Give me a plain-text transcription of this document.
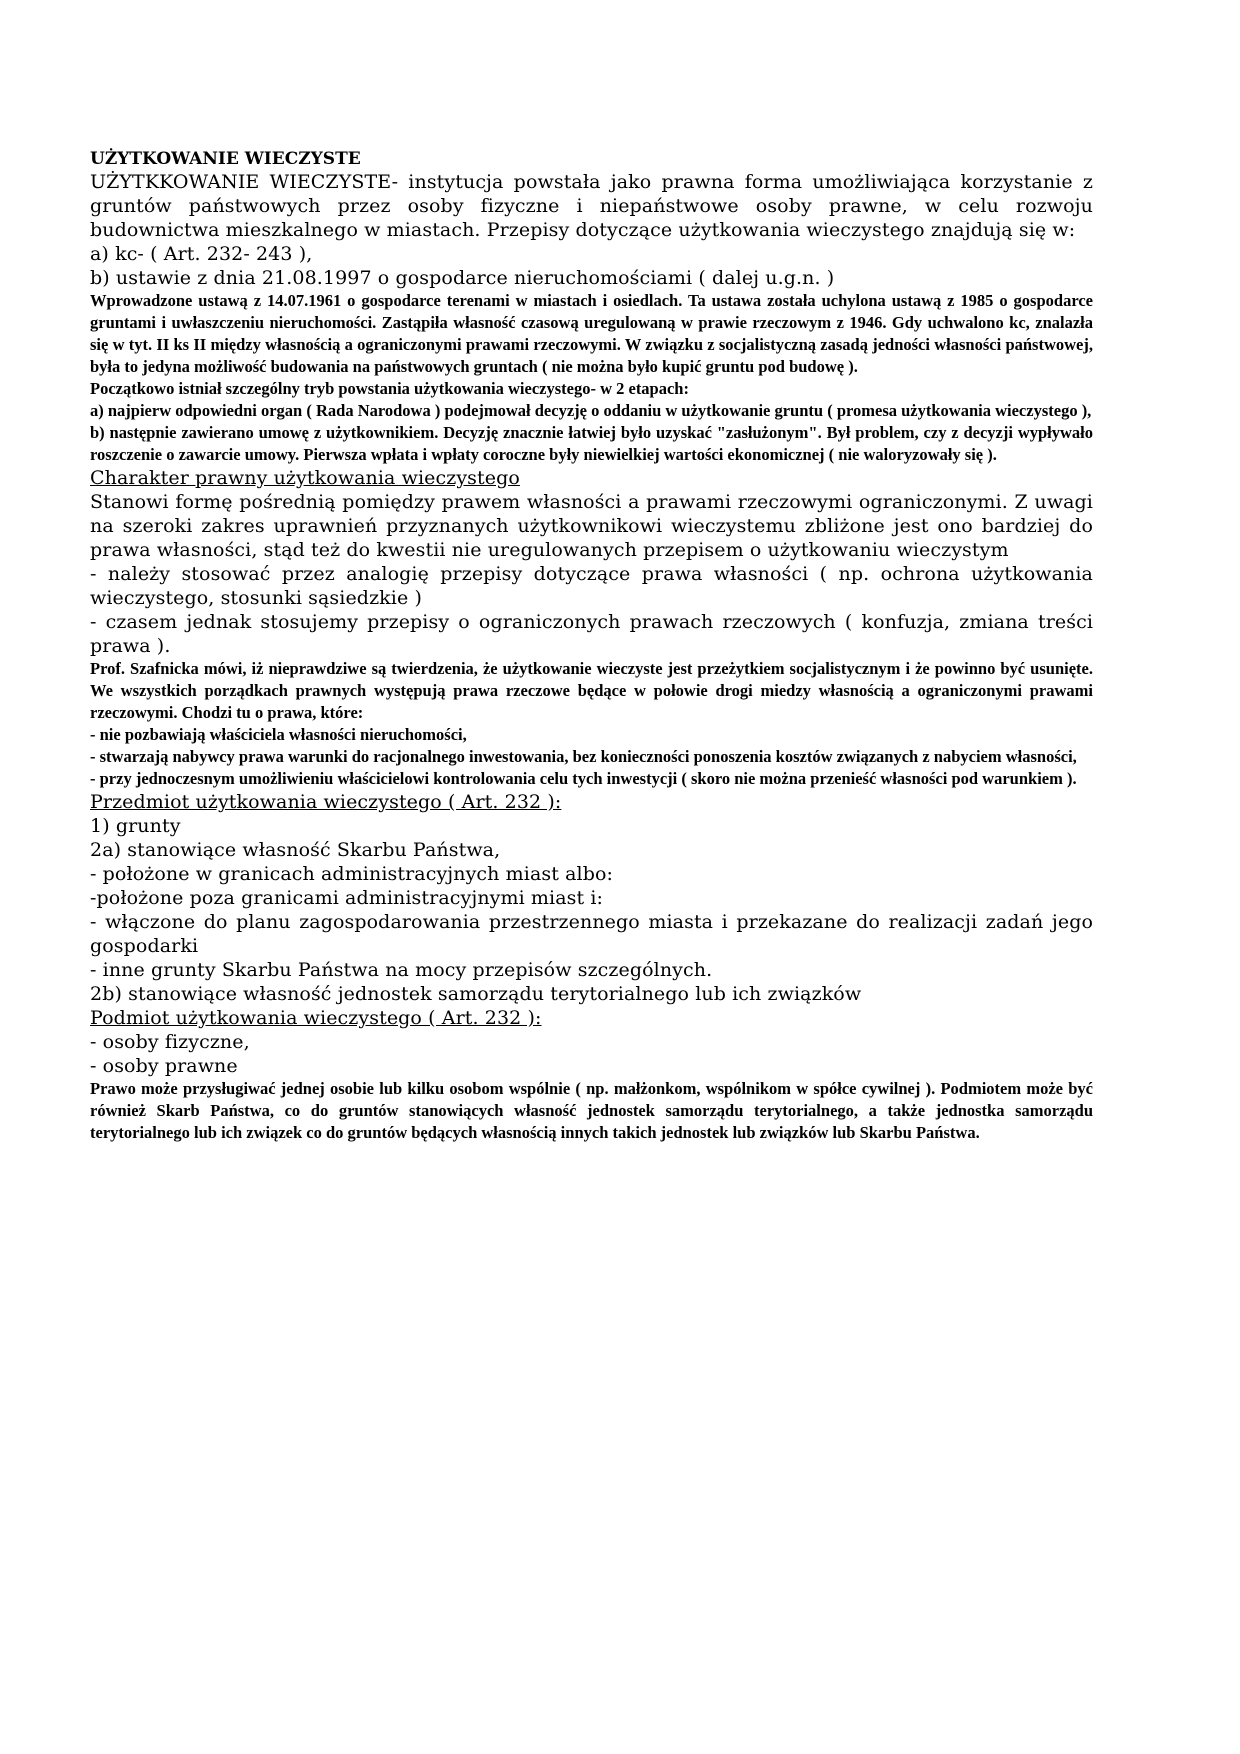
UŻYTKOWANIE WIECZYSTE

UŻYTKKOWANIE WIECZYSTE- instytucja powstała jako prawna forma umożliwiająca korzystanie z gruntów państwowych przez osoby fizyczne i niepaństwowe osoby prawne, w celu rozwoju budownictwa mieszkalnego w miastach. Przepisy dotyczące użytkowania wieczystego znajdują się w:

a) kc- ( Art. 232- 243 ),

b) ustawie z dnia 21.08.1997 o gospodarce nieruchomościami ( dalej u.g.n. )

Wprowadzone ustawą z 14.07.1961 o gospodarce terenami w miastach i osiedlach. Ta ustawa została uchylona ustawą z 1985 o gospodarce gruntami i uwłaszczeniu nieruchomości. Zastąpiła własność czasową uregulowaną w prawie rzeczowym z 1946. Gdy uchwalono kc, znalazła się w tyt. II ks II między własnością a ograniczonymi prawami rzeczowymi. W związku z socjalistyczną zasadą jedności własności państwowej, była to jedyna możliwość budowania na państwowych gruntach ( nie można było kupić gruntu pod budowę ).

Początkowo istniał szczególny tryb powstania użytkowania wieczystego- w 2 etapach:

a) najpierw odpowiedni organ ( Rada Narodowa ) podejmował decyzję o oddaniu w użytkowanie gruntu ( promesa użytkowania wieczystego ),

b) następnie zawierano umowę z użytkownikiem. Decyzję znacznie łatwiej było uzyskać "zasłużonym". Był problem, czy z decyzji wypływało roszczenie o zawarcie umowy. Pierwsza wpłata i wpłaty coroczne były niewielkiej wartości ekonomicznej ( nie waloryzowały się ).

Charakter prawny użytkowania wieczystego

Stanowi formę pośrednią pomiędzy prawem własności a prawami rzeczowymi ograniczonymi. Z uwagi na szeroki zakres uprawnień przyznanych użytkownikowi wieczystemu zbliżone jest ono bardziej do prawa własności, stąd też do kwestii nie uregulowanych przepisem o użytkowaniu wieczystym

- należy stosować przez analogię przepisy dotyczące prawa własności ( np. ochrona użytkowania wieczystego, stosunki sąsiedzkie )

- czasem jednak stosujemy przepisy o ograniczonych prawach rzeczowych ( konfuzja, zmiana treści prawa ).

Prof. Szafnicka mówi, iż nieprawdziwe są twierdzenia, że użytkowanie wieczyste jest przeżytkiem socjalistycznym i że powinno być usunięte. We wszystkich porządkach prawnych występują prawa rzeczowe będące w połowie drogi miedzy własnością a ograniczonymi prawami rzeczowymi. Chodzi tu o prawa, które:

- nie pozbawiają właściciela własności nieruchomości,

- stwarzają nabywcy prawa warunki do racjonalnego inwestowania, bez konieczności ponoszenia kosztów związanych z nabyciem własności,

- przy jednoczesnym umożliwieniu właścicielowi kontrolowania celu tych inwestycji ( skoro nie można przenieść własności pod warunkiem ).

Przedmiot użytkowania wieczystego ( Art. 232 ):

1) grunty

2a) stanowiące własność Skarbu Państwa,

- położone w granicach administracyjnych miast albo:

-położone poza granicami administracyjnymi miast i:

- włączone do planu zagospodarowania przestrzennego miasta i przekazane do realizacji zadań jego gospodarki

- inne grunty Skarbu Państwa na mocy przepisów szczególnych.

2b) stanowiące własność jednostek samorządu terytorialnego lub ich związków

Podmiot użytkowania wieczystego ( Art. 232 ):

- osoby fizyczne,

- osoby prawne

Prawo może przysługiwać jednej osobie lub kilku osobom wspólnie ( np. małżonkom, wspólnikom w spółce cywilnej ). Podmiotem może być również Skarb Państwa, co do gruntów stanowiących własność jednostek samorządu terytorialnego, a także jednostka samorządu terytorialnego lub ich związek co do gruntów będących własnością innych takich jednostek lub związków lub Skarbu Państwa.
